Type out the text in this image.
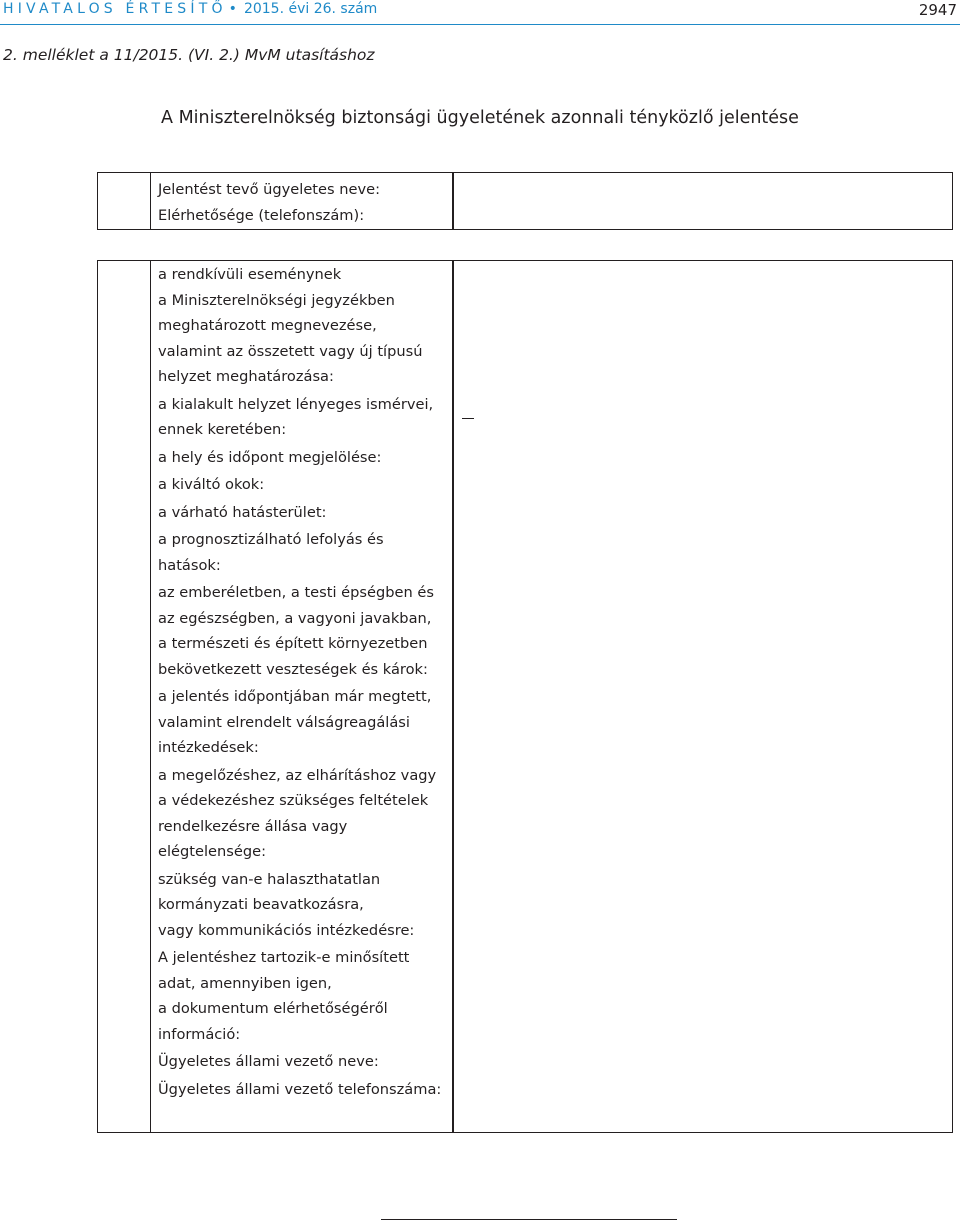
HIVATALOS ÉRTESÍTŐ • 2015. évi 26. szám	2947
2. melléklet a 11/2015. (VI. 2.) MvM utasításhoz
A Miniszterelnökség biztonsági ügyeletének azonnali tényközlő jelentése

Jelentést tevő ügyeletes neve:

Elérhetősége (telefonszám):

a rendkívüli eseménynek
a Miniszterelnökségi jegyzékben
meghatározott megnevezése,
valamint az összetett vagy új típusú
helyzet meghatározása:

a kialakult helyzet lényeges ismérvei,
ennek keretében:

a hely és időpont megjelölése:

a kiváltó okok:

a várható hatásterület:

a prognosztizálható lefolyás és
hatások:

az emberéletben, a testi épségben és
az egészségben, a vagyoni javakban,
a természeti és épített környezetben
bekövetkezett veszteségek és károk:

a jelentés időpontjában már megtett,
valamint elrendelt válságreagálási
intézkedések:

a megelőzéshez, az elhárításhoz vagy
a védekezéshez szükséges feltételek
rendelkezésre állása vagy
elégtelensége:

szükség van-e halaszthatatlan
kormányzati beavatkozásra,

vagy kommunikációs intézkedésre:

A jelentéshez tartozik-e minősített
adat, amennyiben igen,
a dokumentum elérhetőségéről
információ:

Ügyeletes állami vezető neve:

Ügyeletes állami vezető telefonszáma:
